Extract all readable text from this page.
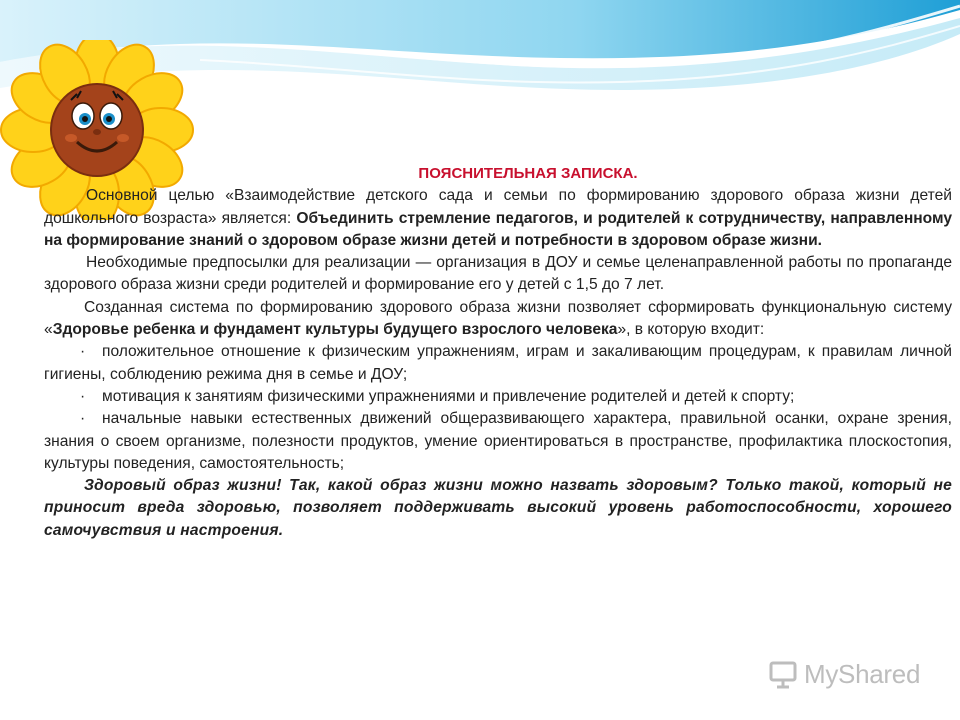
ПОЯСНИТЕЛЬНАЯ ЗАПИСКА.

Основной целью «Взаимодействие детского сада и семьи по формированию здорового образа жизни детей дошкольного возраста» является: Объединить стремление педагогов, и родителей к сотрудничеству, направленному на формирование знаний о здоровом образе жизни детей и потребности в здоровом образе жизни.

Необходимые предпосылки для реализации — организация в ДОУ и семье целенаправленной работы по пропаганде здорового образа жизни среди родителей и формирование его у детей с 1,5 до 7 лет.

Созданная система по формированию здорового образа жизни позволяет сформировать функциональную систему «Здоровье ребенка и фундамент культуры будущего взрослого человека», в которую входит:

· положительное отношение к физическим упражнениям, играм и закаливающим процедурам, к правилам личной гигиены, соблюдению режима дня в семье и ДОУ;

· мотивация к занятиям физическими упражнениями и привлечение родителей и детей к спорту;

· начальные навыки естественных движений общеразвивающего характера, правильной осанки, охране зрения, знания о своем организме, полезности продуктов, умение ориентироваться в пространстве, профилактика плоскостопия, культуры поведения, самостоятельность;

Здоровый образ жизни! Так, какой образ жизни можно назвать здоровым? Только такой, который не приносит вреда здоровью, позволяет поддерживать высокий уровень работоспособности, хорошего самочувствия и настроения.

MyShared
